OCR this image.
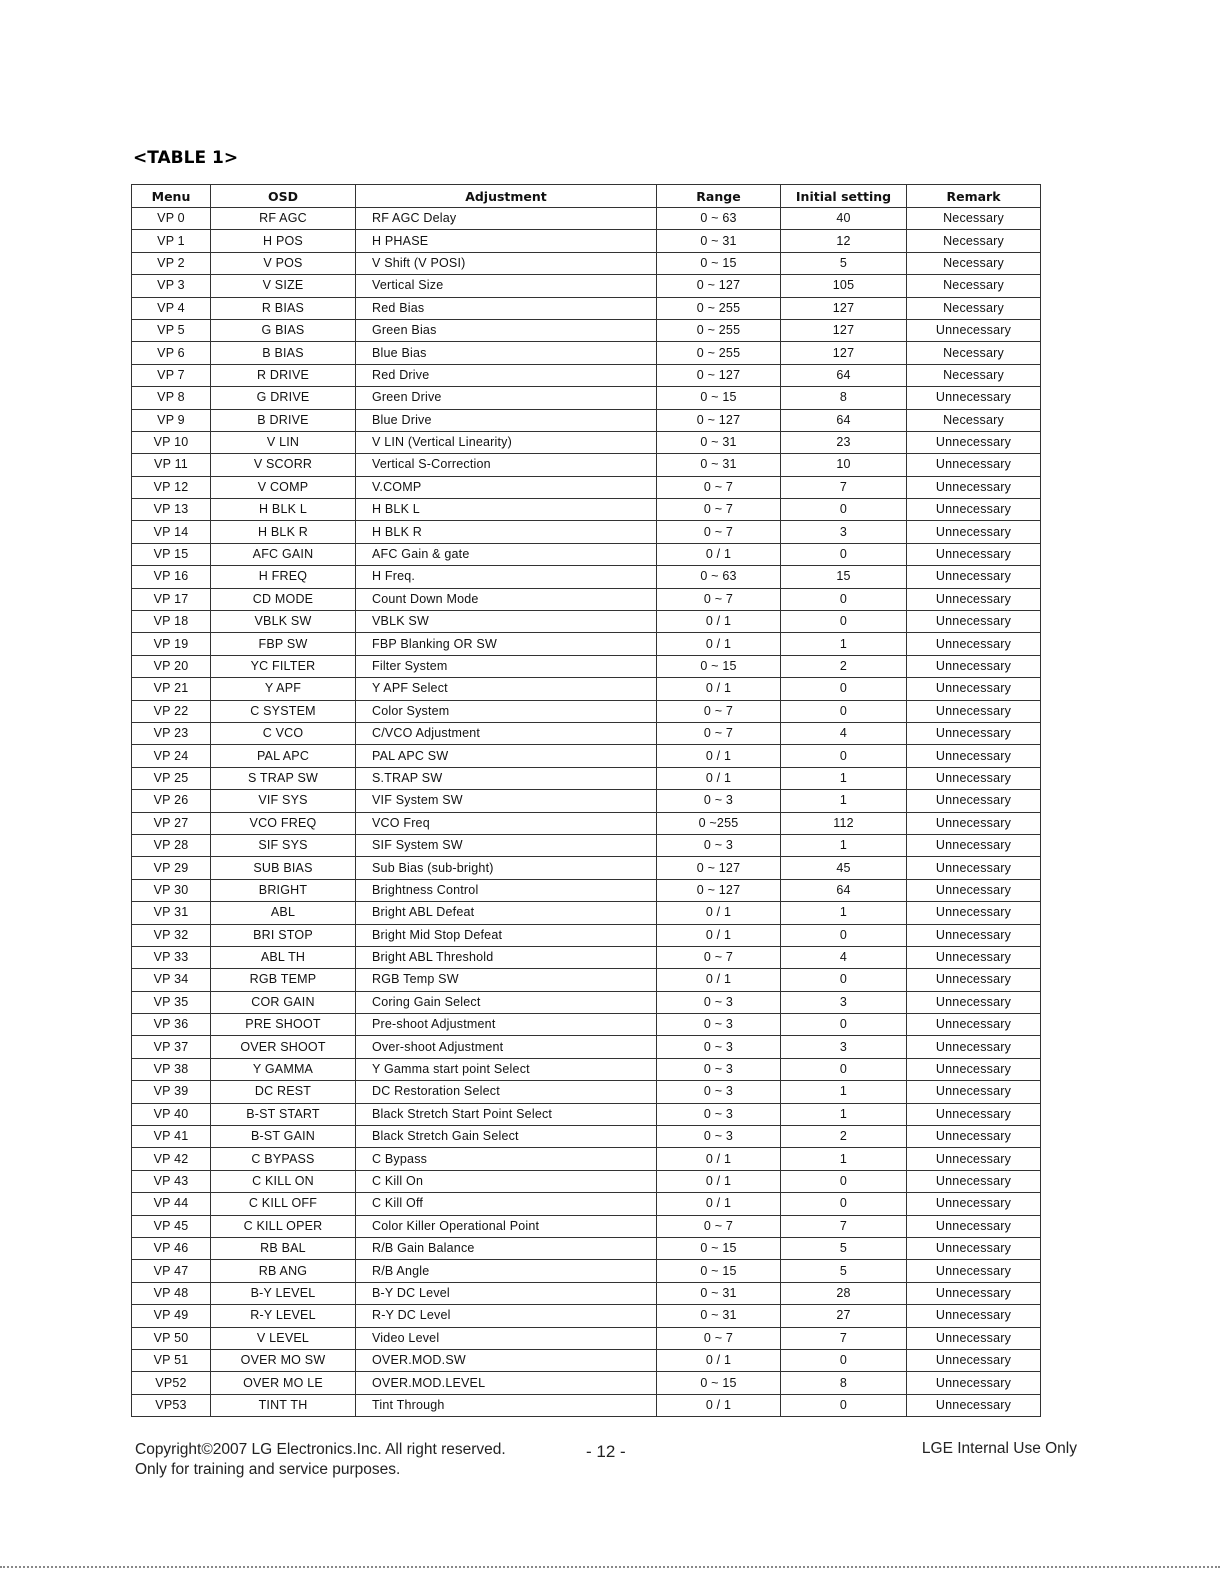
<TABLE 1>
Menu	OSD	Adjustment	Range	Initial setting	Remark
VP 0	RF AGC	RF AGC Delay	0 ~ 63	40	Necessary
VP 1	H POS	H PHASE	0 ~ 31	12	Necessary
VP 2	V POS	V Shift (V POSI)	0 ~ 15	5	Necessary
VP 3	V SIZE	Vertical Size	0 ~ 127	105	Necessary
VP 4	R BIAS	Red Bias	0 ~ 255	127	Necessary
VP 5	G BIAS	Green Bias	0 ~ 255	127	Unnecessary
VP 6	B BIAS	Blue Bias	0 ~ 255	127	Necessary
VP 7	R DRIVE	Red Drive	0 ~ 127	64	Necessary
VP 8	G DRIVE	Green Drive	0 ~ 15	8	Unnecessary
VP 9	B DRIVE	Blue Drive	0 ~ 127	64	Necessary
VP 10	V LIN	V LIN (Vertical Linearity)	0 ~ 31	23	Unnecessary
VP 11	V SCORR	Vertical S-Correction	0 ~ 31	10	Unnecessary
VP 12	V COMP	V.COMP	0 ~ 7	7	Unnecessary
VP 13	H BLK L	H BLK L	0 ~ 7	0	Unnecessary
VP 14	H BLK R	H BLK R	0 ~ 7	3	Unnecessary
VP 15	AFC GAIN	AFC Gain & gate	0 / 1	0	Unnecessary
VP 16	H FREQ	H Freq.	0 ~ 63	15	Unnecessary
VP 17	CD MODE	Count Down Mode	0 ~ 7	0	Unnecessary
VP 18	VBLK SW	VBLK SW	0 / 1	0	Unnecessary
VP 19	FBP SW	FBP Blanking OR SW	0 / 1	1	Unnecessary
VP 20	YC FILTER	Filter System	0 ~ 15	2	Unnecessary
VP 21	Y APF	Y APF Select	0 / 1	0	Unnecessary
VP 22	C SYSTEM	Color System	0 ~ 7	0	Unnecessary
VP 23	C VCO	C/VCO Adjustment	0 ~ 7	4	Unnecessary
VP 24	PAL APC	PAL APC SW	0 / 1	0	Unnecessary
VP 25	S TRAP SW	S.TRAP SW	0 / 1	1	Unnecessary
VP 26	VIF SYS	VIF System SW	0 ~ 3	1	Unnecessary
VP 27	VCO FREQ	VCO Freq	0 ~255	112	Unnecessary
VP 28	SIF SYS	SIF System SW	0 ~ 3	1	Unnecessary
VP 29	SUB BIAS	Sub Bias (sub-bright)	0 ~ 127	45	Unnecessary
VP 30	BRIGHT	Brightness Control	0 ~ 127	64	Unnecessary
VP 31	ABL	Bright ABL Defeat	0 / 1	1	Unnecessary
VP 32	BRI STOP	Bright Mid Stop Defeat	0 / 1	0	Unnecessary
VP 33	ABL TH	Bright ABL Threshold	0 ~ 7	4	Unnecessary
VP 34	RGB TEMP	RGB Temp SW	0 / 1	0	Unnecessary
VP 35	COR GAIN	Coring Gain Select	0 ~ 3	3	Unnecessary
VP 36	PRE SHOOT	Pre-shoot Adjustment	0 ~ 3	0	Unnecessary
VP 37	OVER SHOOT	Over-shoot Adjustment	0 ~ 3	3	Unnecessary
VP 38	Y GAMMA	Y Gamma start point Select	0 ~ 3	0	Unnecessary
VP 39	DC REST	DC Restoration Select	0 ~ 3	1	Unnecessary
VP 40	B-ST START	Black Stretch Start Point Select	0 ~ 3	1	Unnecessary
VP 41	B-ST GAIN	Black Stretch Gain Select	0 ~ 3	2	Unnecessary
VP 42	C BYPASS	C Bypass	0 / 1	1	Unnecessary
VP 43	C KILL ON	C Kill On	0 / 1	0	Unnecessary
VP 44	C KILL OFF	C Kill Off	0 / 1	0	Unnecessary
VP 45	C KILL OPER	Color Killer Operational Point	0 ~ 7	7	Unnecessary
VP 46	RB BAL	R/B Gain Balance	0 ~ 15	5	Unnecessary
VP 47	RB ANG	R/B Angle	0 ~ 15	5	Unnecessary
VP 48	B-Y LEVEL	B-Y DC Level	0 ~ 31	28	Unnecessary
VP 49	R-Y LEVEL	R-Y DC Level	0 ~ 31	27	Unnecessary
VP 50	V LEVEL	Video Level	0 ~ 7	7	Unnecessary
VP 51	OVER MO SW	OVER.MOD.SW	0 / 1	0	Unnecessary
VP52	OVER MO LE	OVER.MOD.LEVEL	0 ~ 15	8	Unnecessary
VP53	TINT TH	Tint Through	0 / 1	0	Unnecessary
Copyright©2007 LG Electronics.Inc. All right reserved.
Only for training and service purposes.
- 12 -	LGE Internal Use Only
